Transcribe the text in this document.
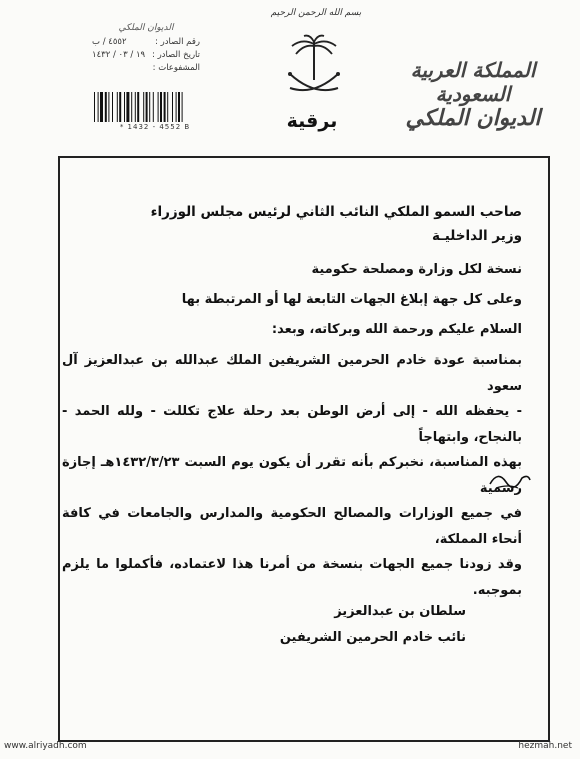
بسم الله الرحمن الرحيم
برقية
المملكة العربية السعودية
الديوان الملكي
الديوان الملكي
رقم الصادر :
٤٥٥٢ / ب
تاريخ الصادر :
١٩ / ٠٣ / ١٤٣٢
المشفوعات :
* 1432 - 4552 B
صاحب السمو الملكي النائب الثاني لرئيس مجلس الوزراء
وزير الداخليـة
نسخة لكل وزارة ومصلحة حكومية
وعلى كل جهة إبلاغ الجهات التابعة لها أو المرتبطة بها
السلام عليكم ورحمة الله وبركاته، وبعد:

بمناسبة عودة خادم الحرمين الشريفين الملك عبدالله بن عبدالعزيز آل سعود

- يحفظه الله - إلى أرض الوطن بعد رحلة علاج تكللت - ولله الحمد - بالنجاح، وابتهاجاً

بهذه المناسبة، نخبركم بأنه تقرر أن يكون يوم السبت ١٤٣٢/٣/٢٣هـ إجازة رسمية

في جميع الوزارات والمصالح الحكومية والمدارس والجامعات في كافة أنحاء المملكة،

وقد زودنا جميع الجهات بنسخة من أمرنا هذا لاعتماده، فأكملوا ما يلزم بموجبه.

سلطان بن عبدالعزيز
نائب خادم الحرمين الشريفين
www.alriyadh.com	hezmah.net
